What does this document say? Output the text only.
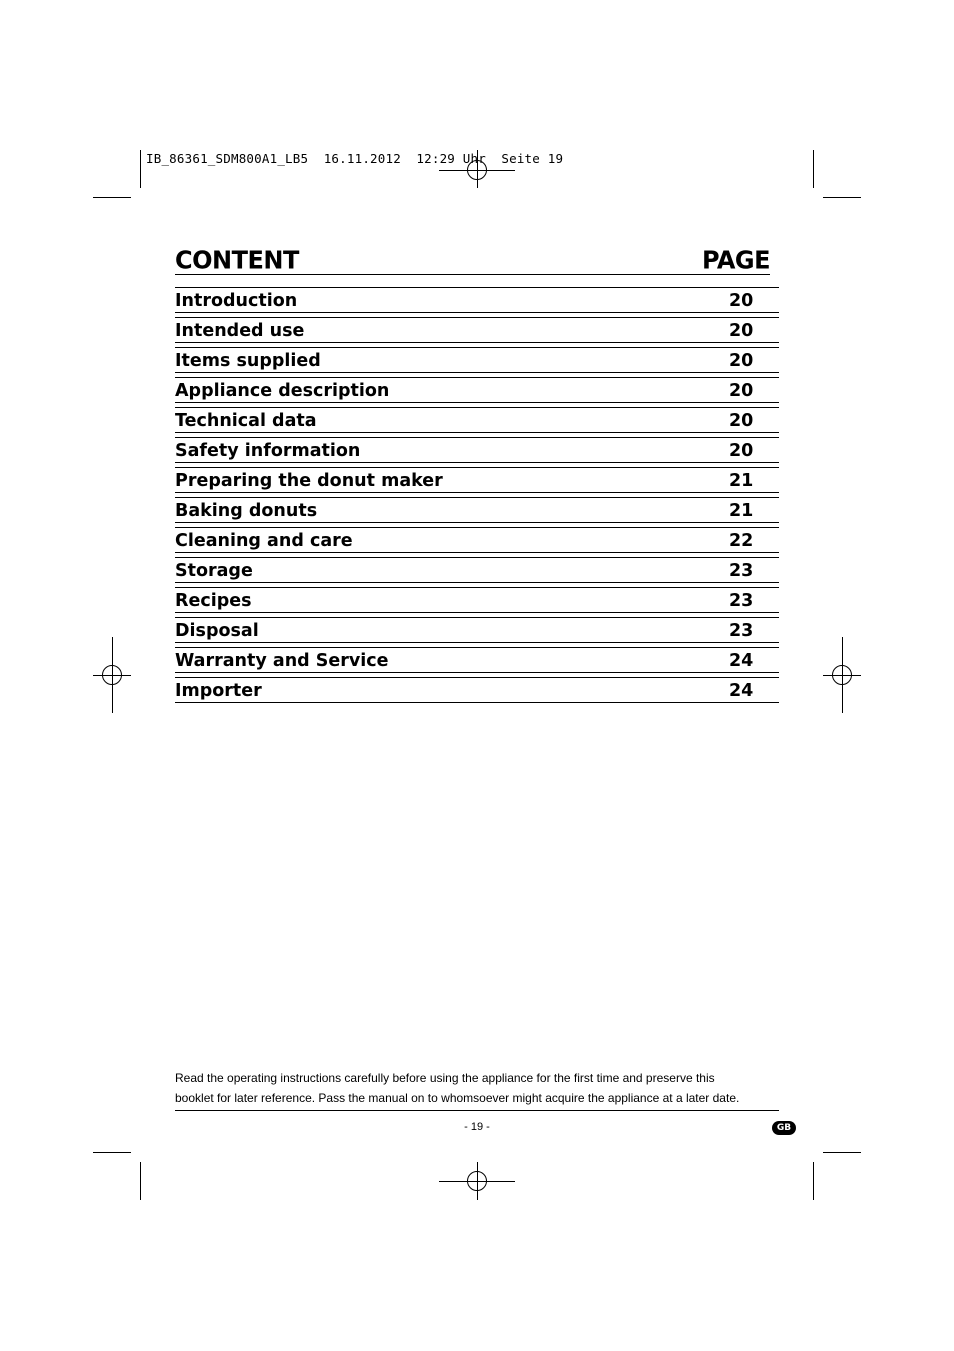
IB_86361_SDM800A1_LB5  16.11.2012  12:29 Uhr  Seite 19
CONTENT	PAGE
Introduction	20
Intended use	20
Items supplied	20
Appliance description	20
Technical data	20
Safety information	20
Preparing the donut maker	21
Baking donuts	21
Cleaning and care	22
Storage	23
Recipes	23
Disposal	23
Warranty and Service	24
Importer	24
Read the operating instructions carefully before using the appliance for the first time and preserve this
booklet for later reference. Pass the manual on to whomsoever might acquire the appliance at a later date.
- 19 -	GB
